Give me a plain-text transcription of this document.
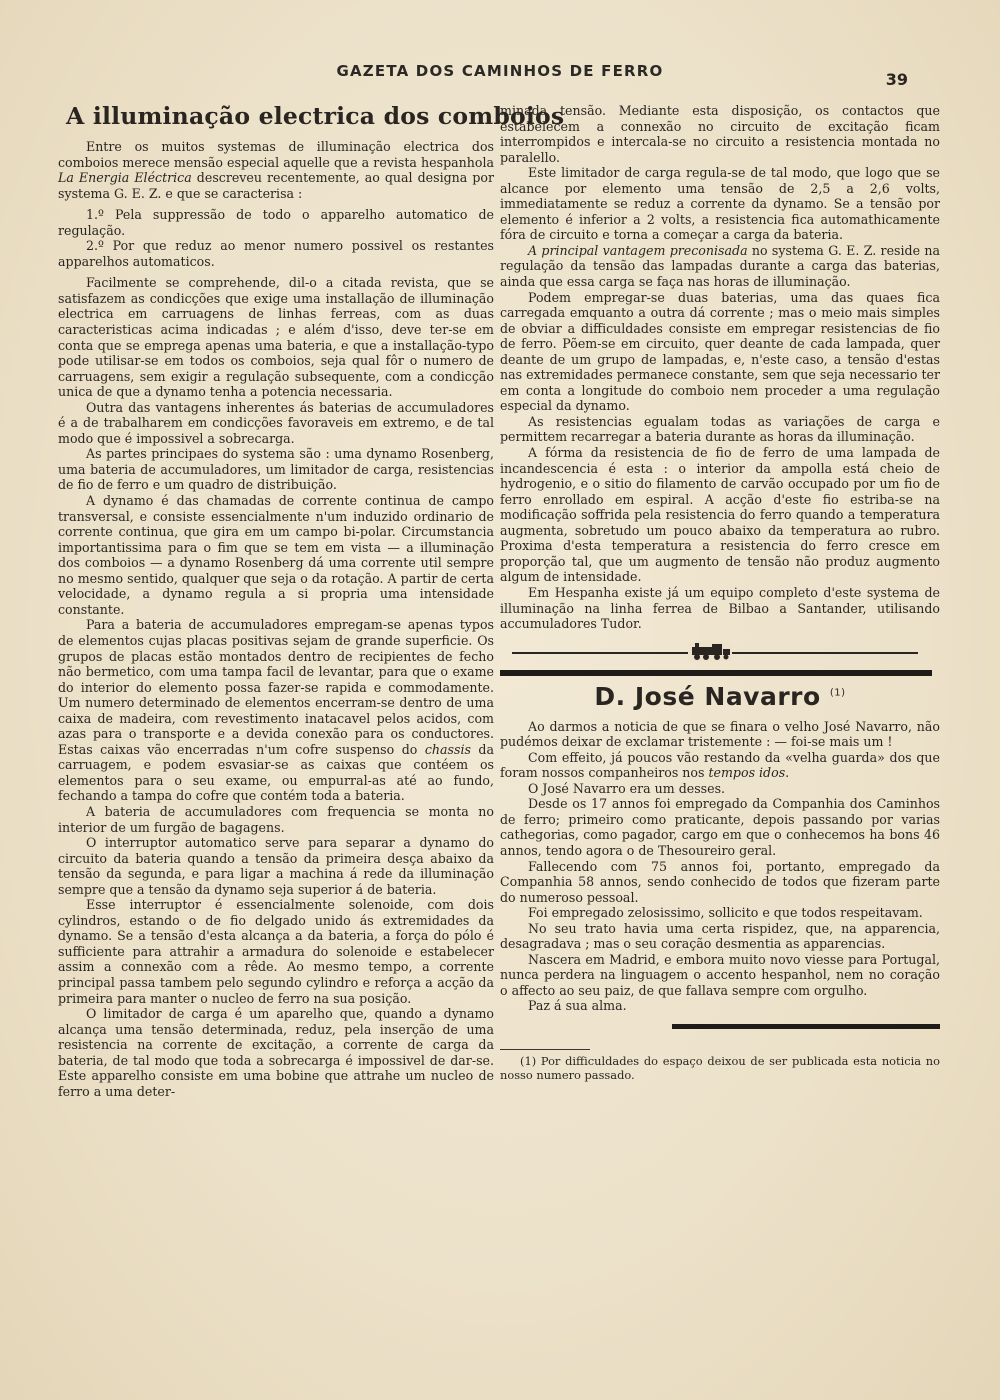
GAZETA DOS CAMINHOS DE FERRO	39
A illuminação electrica dos comboios

Entre os muitos systemas de illuminação electrica dos comboios merece mensão especial aquelle que a revista hespanhola La Energia Eléctrica descreveu recentemente, ao qual designa por systema G. E. Z. e que se caracterisa :

1.º Pela suppressão de todo o apparelho automatico de regulação.

2.º Por que reduz ao menor numero possivel os restantes apparelhos automaticos.

Facilmente se comprehende, dil-o a citada revista, que se satisfazem as condicções que exige uma installação de illuminação electrica em carruagens de linhas ferreas, com as duas caracteristicas acima indicadas ; e além d'isso, deve ter-se em conta que se emprega apenas uma bateria, e que a installação-typo pode utilisar-se em todos os comboios, seja qual fôr o numero de carruagens, sem exigir a regulação subsequente, com a condicção unica de que a dynamo tenha a potencia necessaria.

Outra das vantagens inherentes ás baterias de accumuladores é a de trabalharem em condicções favoraveis em extremo, e de tal modo que é impossivel a sobrecarga.

As partes principaes do systema são : uma dynamo Rosenberg, uma bateria de accumuladores, um limitador de carga, resistencias de fio de ferro e um quadro de distribuição.

A dynamo é das chamadas de corrente continua de campo transversal, e consiste essencialmente n'um induzido ordinario de corrente continua, que gira em um campo bi-polar. Circumstancia importantissima para o fim que se tem em vista — a illuminação dos comboios — a dynamo Rosenberg dá uma corrente util sempre no mesmo sentido, qualquer que seja o da rotação. A partir de certa velocidade, a dynamo regula a si propria uma intensidade constante.

Para a bateria de accumuladores empregam-se apenas typos de elementos cujas placas positivas sejam de grande superficie. Os grupos de placas estão montados dentro de recipientes de fecho não bermetico, com uma tampa facil de levantar, para que o exame do interior do elemento possa fazer-se rapida e commodamente. Um numero determinado de elementos encerram-se dentro de uma caixa de madeira, com revestimento inatacavel pelos acidos, com azas para o transporte e a devida conexão para os conductores. Estas caixas vão encerradas n'um cofre suspenso do chassis da carruagem, e podem esvasiar-se as caixas que contéem os elementos para o seu exame, ou empurral-as até ao fundo, fechando a tampa do cofre que contém toda a bateria.

A bateria de accumuladores com frequencia se monta no interior de um furgão de bagagens.

O interruptor automatico serve para separar a dynamo do circuito da bateria quando a tensão da primeira desça abaixo da tensão da segunda, e para ligar a machina á rede da illuminação sempre que a tensão da dynamo seja superior á de bateria.

Esse interruptor é essencialmente solenoide, com dois cylindros, estando o de fio delgado unido ás extremidades da dynamo. Se a tensão d'esta alcança a da bateria, a força do pólo é sufficiente para attrahir a armadura do solenoide e estabelecer assim a connexão com a rêde. Ao mesmo tempo, a corrente principal passa tambem pelo segundo cylindro e reforça a acção da primeira para manter o nucleo de ferro na sua posição.

O limitador de carga é um aparelho que, quando a dynamo alcança uma tensão determinada, reduz, pela inserção de uma resistencia na corrente de excitação, a corrente de carga da bateria, de tal modo que toda a sobrecarga é impossivel de dar-se. Este apparelho consiste em uma bobine que attrahe um nucleo de ferro a uma deter-

minada tensão. Mediante esta disposição, os contactos que estabelecem a connexão no circuito de excitação ficam interrompidos e intercala-se no circuito a resistencia montada no paralello.

Este limitador de carga regula-se de tal modo, que logo que se alcance por elemento uma tensão de 2,5 a 2,6 volts, immediatamente se reduz a corrente da dynamo. Se a tensão por elemento é inferior a 2 volts, a resistencia fica automathicamente fóra de circuito e torna a começar a carga da bateria.

A principal vantagem preconisada no systema G. E. Z. reside na regulação da tensão das lampadas durante a carga das baterias, ainda que essa carga se faça nas horas de illuminação.

Podem empregar-se duas baterias, uma das quaes fica carregada emquanto a outra dá corrente ; mas o meio mais simples de obviar a difficuldades consiste em empregar resistencias de fio de ferro. Põem-se em circuito, quer deante de cada lampada, quer deante de um grupo de lampadas, e, n'este caso, a tensão d'estas nas extremidades permanece constante, sem que seja necessario ter em conta a longitude do comboio nem proceder a uma regulação especial da dynamo.

As resistencias egualam todas as variações de carga e permittem recarregar a bateria durante as horas da illuminação.

A fórma da resistencia de fio de ferro de uma lampada de incandescencia é esta : o interior da ampolla está cheio de hydrogenio, e o sitio do filamento de carvão occupado por um fio de ferro enrollado em espiral. A acção d'este fio estriba-se na modificação soffrida pela resistencia do ferro quando a temperatura augmenta, sobretudo um pouco abaixo da temperatura ao rubro. Proxima d'esta temperatura a resistencia do ferro cresce em proporção tal, que um augmento de tensão não produz augmento algum de intensidade.

Em Hespanha existe já um equipo completo d'este systema de illuminação na linha ferrea de Bilbao a Santander, utilisando accumuladores Tudor.

D. José Navarro $^{(1)}$

Ao darmos a noticia de que se finara o velho José Navarro, não pudémos deixar de exclamar tristemente : — foi-se mais um !

Com effeito, já poucos vão restando da «velha guarda» dos que foram nossos companheiros nos tempos idos.

O José Navarro era um desses.

Desde os 17 annos foi empregado da Companhia dos Caminhos de ferro; primeiro como praticante, depois passando por varias cathegorias, como pagador, cargo em que o conhecemos ha bons 46 annos, tendo agora o de Thesoureiro geral.

Fallecendo com 75 annos foi, portanto, empregado da Companhia 58 annos, sendo conhecido de todos que fizeram parte do numeroso pessoal.

Foi empregado zelosissimo, sollicito e que todos respeitavam.

No seu trato havia uma certa rispidez, que, na apparencia, desagradava ; mas o seu coração desmentia as apparencias.

Nascera em Madrid, e embora muito novo viesse para Portugal, nunca perdera na linguagem o accento hespanhol, nem no coração o affecto ao seu paiz, de que fallava sempre com orgulho.

Paz á sua alma.

(1) Por difficuldades do espaço deixou de ser publicada esta noticia no nosso numero passado.
